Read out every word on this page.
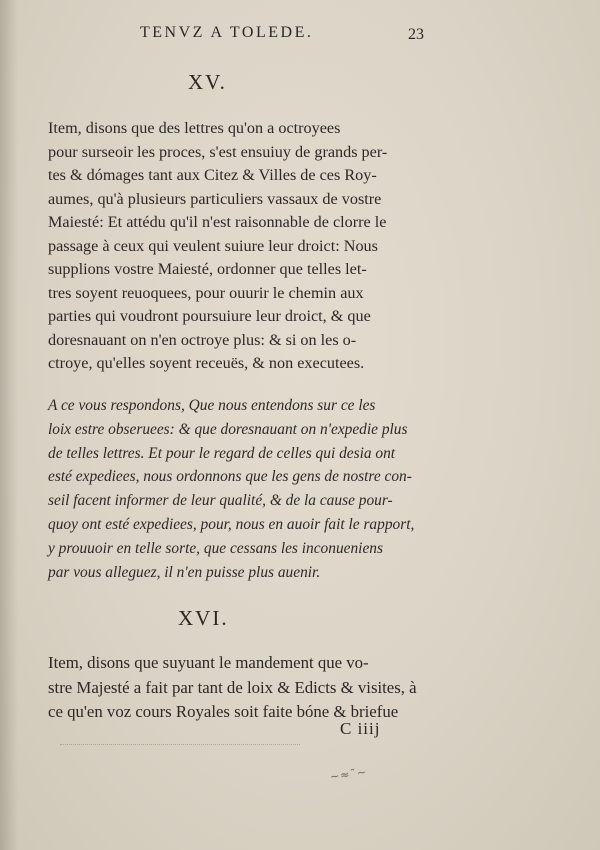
TENVZ A TOLEDE.	23
XV.

Item, disons que des lettres qu'on a octroyees
pour surseoir les proces, s'est ensuiuy de grands per-
tes & dómages tant aux Citez & Villes de ces Roy-
aumes, qu'à plusieurs particuliers vassaux de vostre
Maiesté: Et attédu qu'il n'est raisonnable de clorre le
passage à ceux qui veulent suiure leur droict: Nous
supplions vostre Maiesté, ordonner que telles let-
tres soyent reuoquees, pour ouurir le chemin aux
parties qui voudront poursuiure leur droict, & que
doresnauant on n'en octroye plus: & si on les o-
ctroye, qu'elles soyent receuës, & non executees.

A ce vous respondons, Que nous entendons sur ce les
loix estre obseruees: & que doresnauant on n'expedie plus
de telles lettres. Et pour le regard de celles qui desia ont
esté expediees, nous ordonnons que les gens de nostre con-
seil facent informer de leur qualité, & de la cause pour-
quoy ont esté expediees, pour, nous en auoir fait le rapport,
y prouuoir en telle sorte, que cessans les inconueniens
par vous alleguez, il n'en puisse plus auenir.

XVI.

Item, disons que suyuant le mandement que vo-
stre Majesté a fait par tant de loix & Edicts & visites, à
ce qu'en voz cours Royales soit faite bóne & briefue

C iiij
~≈˜~
